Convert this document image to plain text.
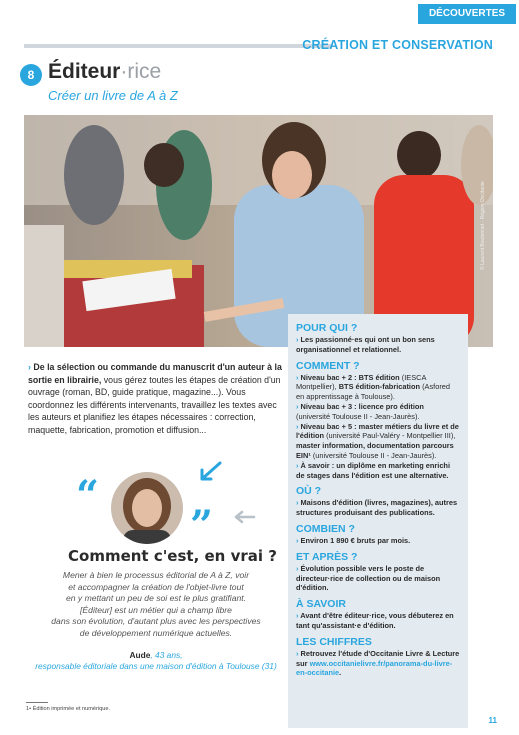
DÉCOUVERTES
CRÉATION ET CONSERVATION
8 Éditeur·rice
Créer un livre de A à Z
© Laurent Boutonnet - Région Occitanie
› De la sélection ou commande du manuscrit d'un auteur à la sortie en librairie, vous gérez toutes les étapes de création d'un ouvrage (roman, BD, guide pratique, magazine...). Vous coordonnez les différents intervenants, travaillez les textes avec les auteurs et planifiez les étapes nécessaires : correction, maquette, fabrication, promotion et diffusion...
“
”
Comment c'est, en vrai ?
Mener à bien le processus éditorial de A à Z, voir
et accompagner la création de l'objet-livre tout
en y mettant un peu de soi est le plus gratifiant.
[Éditeur] est un métier qui a champ libre
dans son évolution, d'autant plus avec les perspectives
de développement numérique actuelles.
Aude, 43 ans,
responsable éditoriale dans une maison d'édition à Toulouse (31)
1• Édition imprimée et numérique.
11
POUR QUI ?

› Les passionné·es qui ont un bon sens organisationnel et relationnel.

COMMENT ?

› Niveau bac + 2 : BTS édition (IESCA Montpellier), BTS édition-fabrication (Asfored en apprentissage à Toulouse).
› Niveau bac + 3 : licence pro édition (université Toulouse II - Jean-Jaurès).
› Niveau bac + 5 : master métiers du livre et de l'édition (université Paul-Valéry - Montpellier III), master information, documentation parcours EIN¹ (université Toulouse II - Jean-Jaurès).
› À savoir : un diplôme en marketing enrichi de stages dans l'édition est une alternative.

OÙ ?

› Maisons d'édition (livres, magazines), autres structures produisant des publications.

COMBIEN ?

› Environ 1 890 € bruts par mois.

ET APRÈS ?

› Évolution possible vers le poste de directeur·rice de collection ou de maison d'édition.

À SAVOIR

› Avant d'être éditeur·rice, vous débuterez en tant qu'assistant·e d'édition.

LES CHIFFRES

› Retrouvez l'étude d'Occitanie Livre & Lecture sur www.occitanielivre.fr/panorama-du-livre-en-occitanie.
